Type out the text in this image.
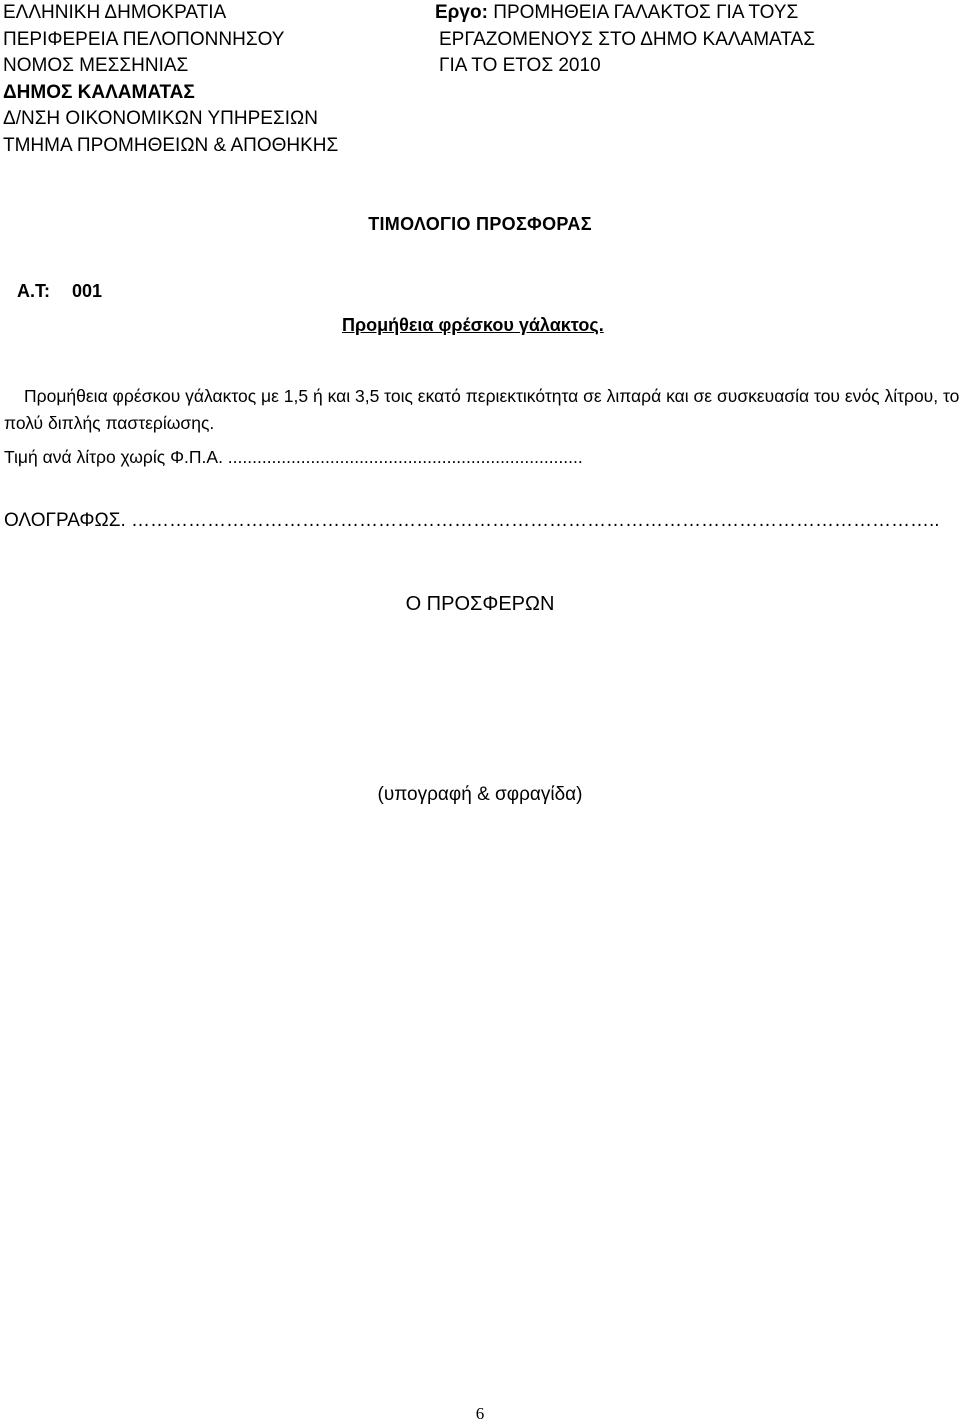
ΕΛΛΗΝΙΚΗ ΔΗΜΟΚΡΑΤΙΑ
ΠΕΡΙΦΕΡΕΙΑ ΠΕΛΟΠΟΝΝΗΣΟΥ
ΝΟΜΟΣ ΜΕΣΣΗΝΙΑΣ
ΔΗΜΟΣ ΚΑΛΑΜΑΤΑΣ
Δ/ΝΣΗ ΟΙΚΟΝΟΜΙΚΩΝ ΥΠΗΡΕΣΙΩΝ
ΤΜΗΜΑ ΠΡΟΜΗΘΕΙΩΝ & ΑΠΟΘΗΚΗΣ
Εργο: ΠΡΟΜΗΘΕΙΑ ΓΑΛΑΚΤΟΣ ΓΙΑ ΤΟΥΣ
ΕΡΓΑΖΟΜΕΝΟΥΣ ΣΤΟ ΔΗΜΟ ΚΑΛΑΜΑΤΑΣ
ΓΙΑ ΤΟ ΕΤΟΣ 2010
ΤΙΜΟΛΟΓΙΟ ΠΡΟΣΦΟΡΑΣ
Α.Τ: 001
Προμήθεια φρέσκου γάλακτος.
Προμήθεια φρέσκου γάλακτος με 1,5 ή και 3,5 τοις εκατό περιεκτικότητα σε λιπαρά και σε συσκευασία του ενός λίτρου, το πολύ διπλής παστερίωσης.
Τιμή ανά λίτρο χωρίς Φ.Π.Α. .........................................................................
ΟΛΟΓΡΑΦΩΣ. ………………………………………………………………………………………………………………..
Ο ΠΡΟΣΦΕΡΩΝ
(υπογραφή & σφραγίδα)
6
